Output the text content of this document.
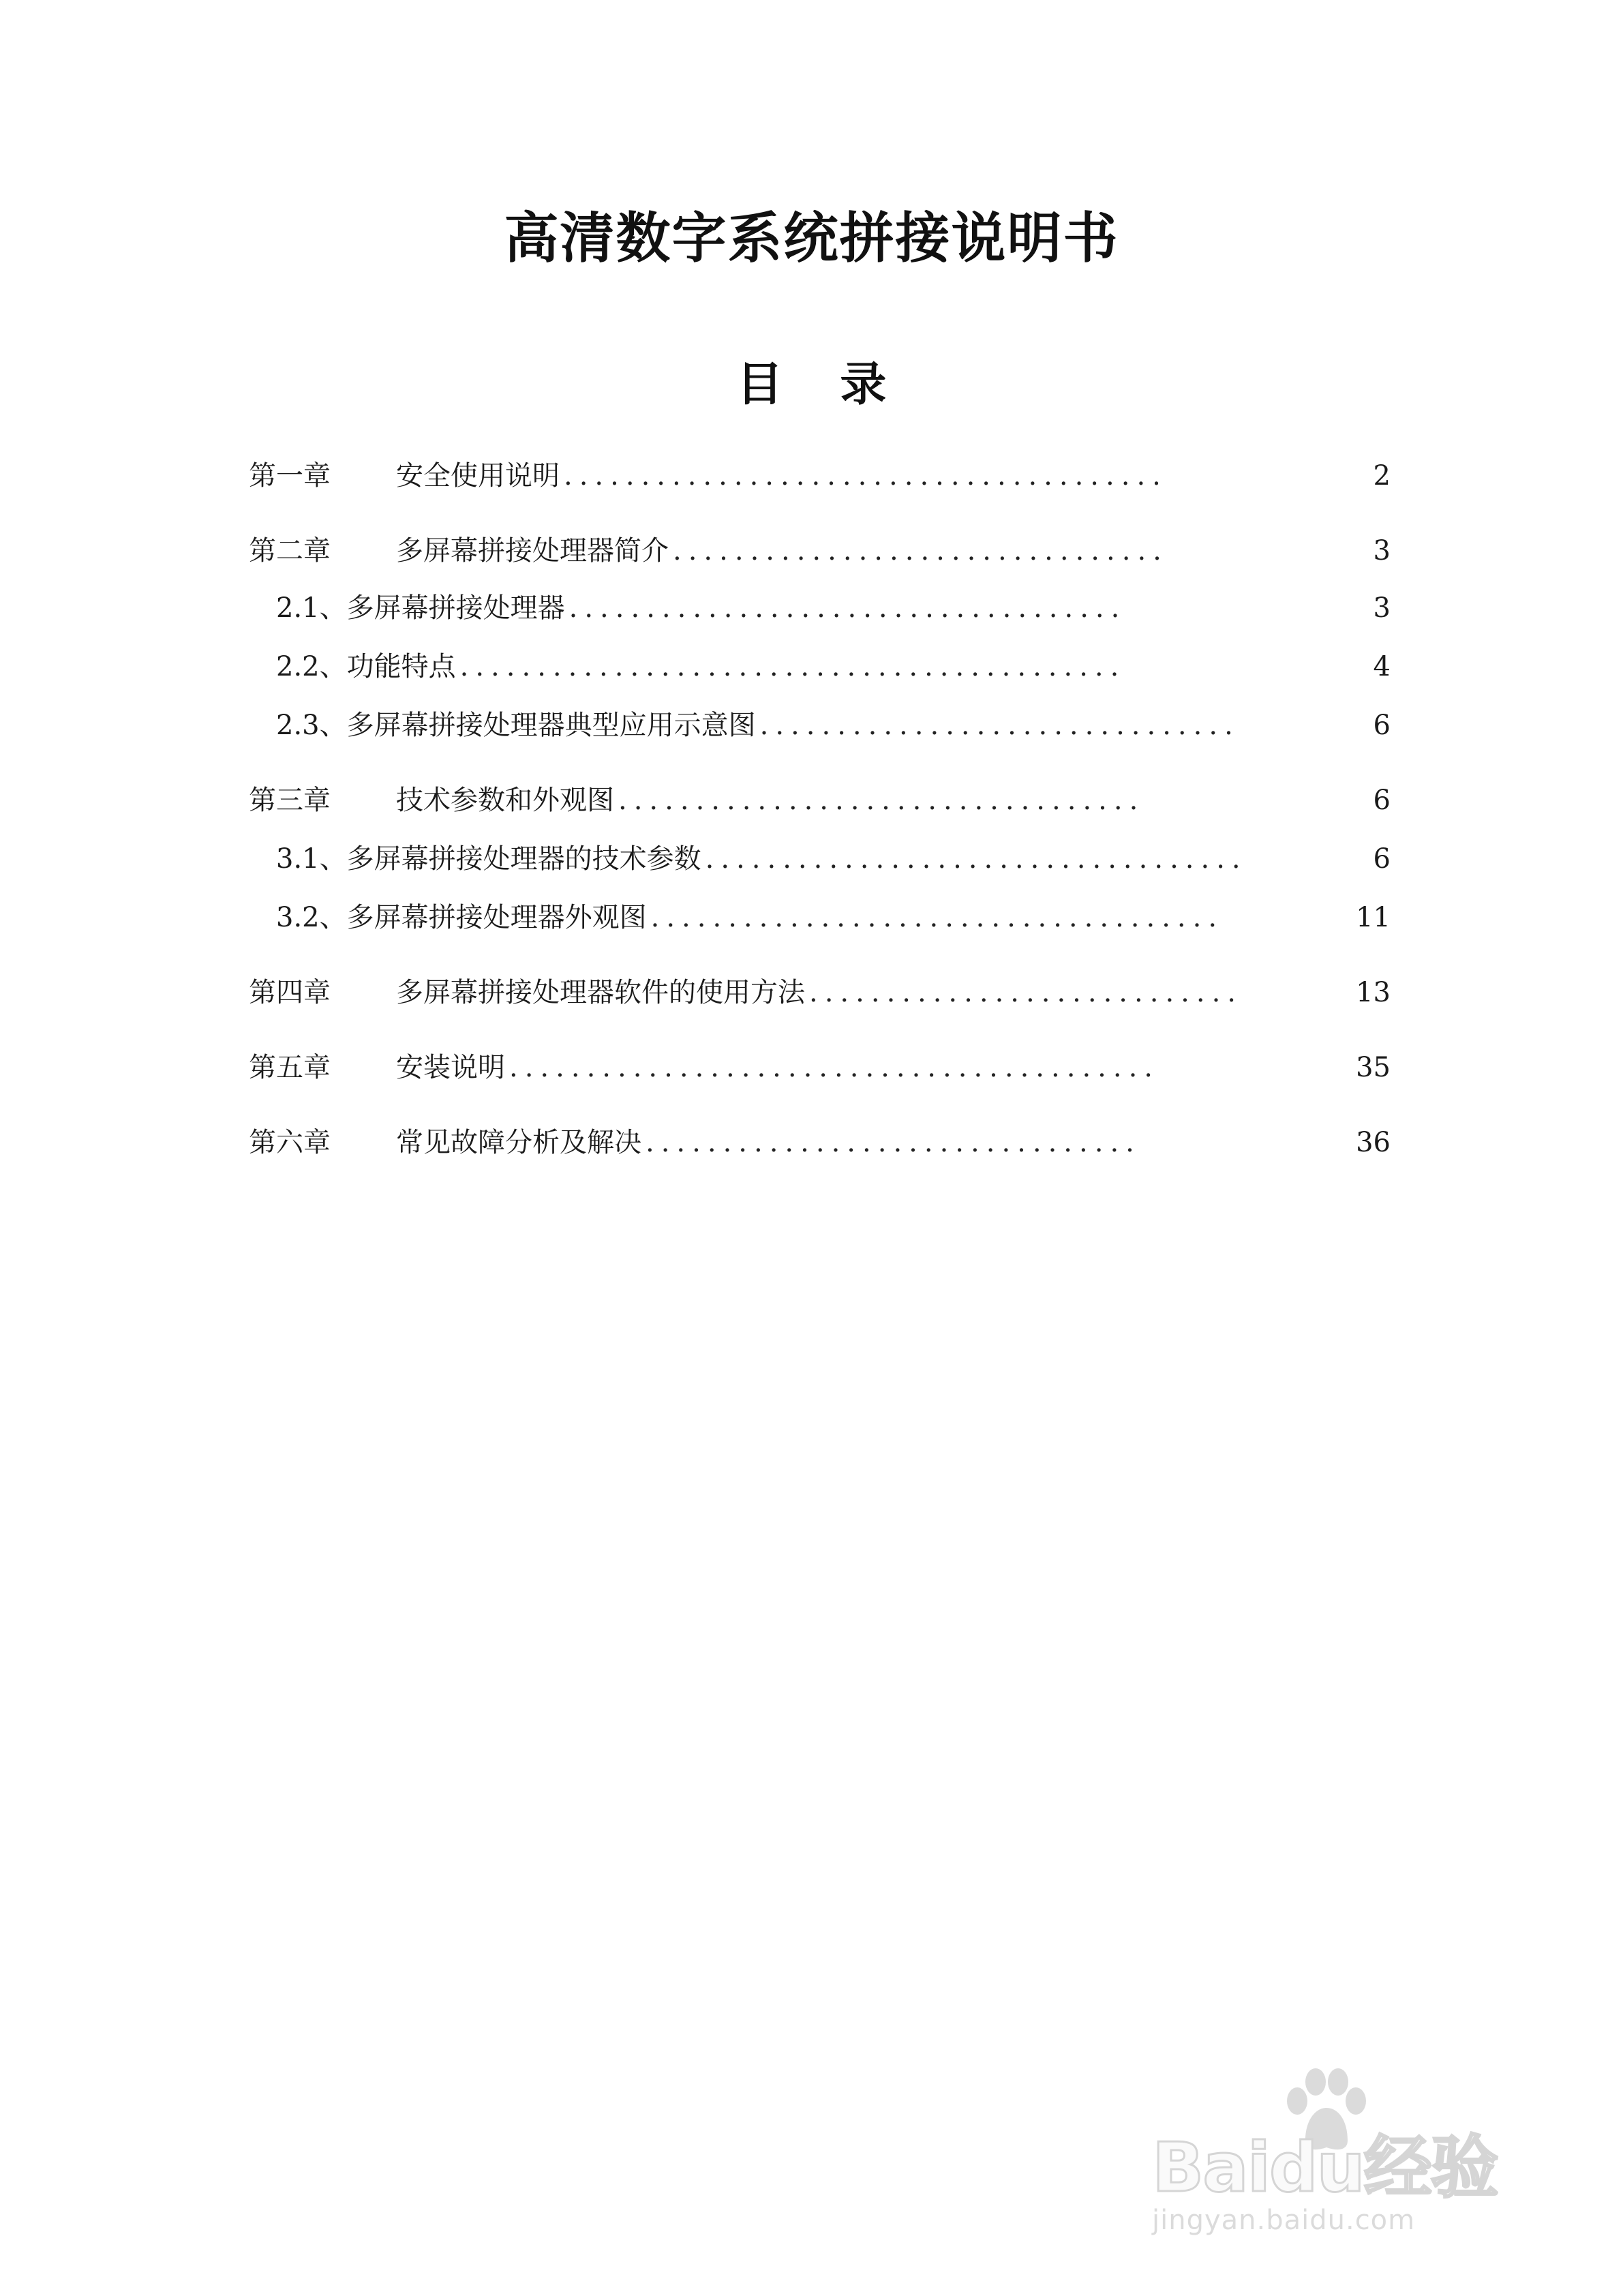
高清数字系统拼接说明书
目 录
第一章	安全使用说明 .......................................	2
第二章	多屏幕拼接处理器简介 ................................	3
2.1、多屏幕拼接处理器 ....................................	3
2.2、功能特点 ...........................................	4
2.3、多屏幕拼接处理器典型应用示意图 ...............................	6
第三章	技术参数和外观图 ..................................	6
3.1、多屏幕拼接处理器的技术参数 ...................................	6
3.2、多屏幕拼接处理器外观图 .....................................	11
第四章	多屏幕拼接处理器软件的使用方法 ............................	13
第五章	安装说明 ..........................................	35
第六章	常见故障分析及解决 ................................	36
Baidu经验
jingyan.baidu.com
